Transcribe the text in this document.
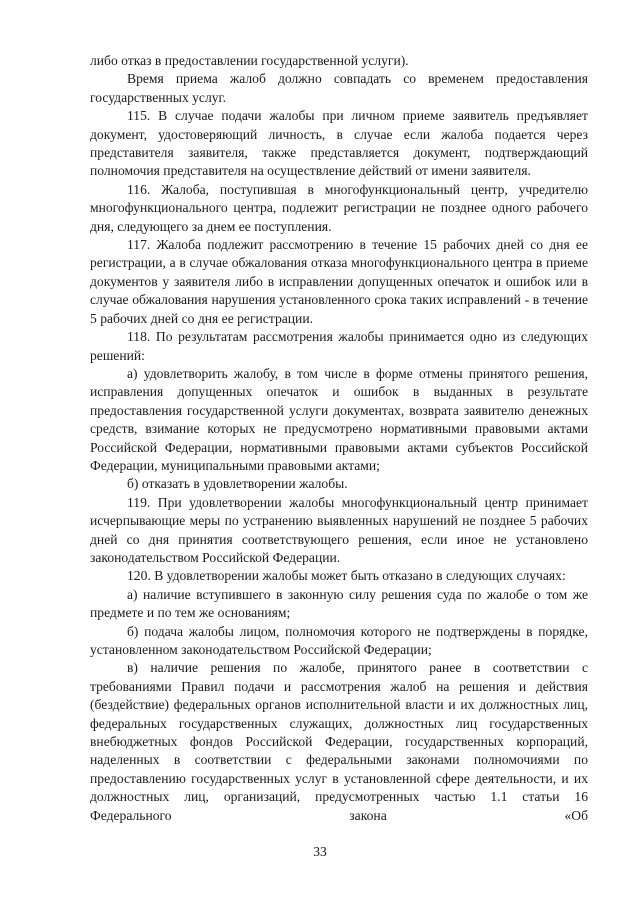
либо отказ в предоставлении государственной услуги).

Время приема жалоб должно совпадать со временем предоставления государственных услуг.

115. В случае подачи жалобы при личном приеме заявитель предъявляет документ, удостоверяющий личность, в случае если жалоба подается через представителя заявителя, также представляется документ, подтверждающий полномочия представителя на осуществление действий от имени заявителя.

116. Жалоба, поступившая в многофункциональный центр, учредителю многофункционального центра, подлежит регистрации не позднее одного рабочего дня, следующего за днем ее поступления.

117. Жалоба подлежит рассмотрению в течение 15 рабочих дней со дня ее регистрации, а в случае обжалования отказа многофункционального центра в приеме документов у заявителя либо в исправлении допущенных опечаток и ошибок или в случае обжалования нарушения установленного срока таких исправлений - в течение 5 рабочих дней со дня ее регистрации.

118. По результатам рассмотрения жалобы принимается одно из следующих решений:

а) удовлетворить жалобу, в том числе в форме отмены принятого решения, исправления допущенных опечаток и ошибок в выданных в результате предоставления государственной услуги документах, возврата заявителю денежных средств, взимание которых не предусмотрено нормативными правовыми актами Российской Федерации, нормативными правовыми актами субъектов Российской Федерации, муниципальными правовыми актами;

б) отказать в удовлетворении жалобы.

119. При удовлетворении жалобы многофункциональный центр принимает исчерпывающие меры по устранению выявленных нарушений не позднее 5 рабочих дней со дня принятия соответствующего решения, если иное не установлено законодательством Российской Федерации.

120. В удовлетворении жалобы может быть отказано в следующих случаях:

а) наличие вступившего в законную силу решения суда по жалобе о том же предмете и по тем же основаниям;

б) подача жалобы лицом, полномочия которого не подтверждены в порядке, установленном законодательством Российской Федерации;

в) наличие решения по жалобе, принятого ранее в соответствии с требованиями Правил подачи и рассмотрения жалоб на решения и действия (бездействие) федеральных органов исполнительной власти и их должностных лиц, федеральных государственных служащих, должностных лиц государственных внебюджетных фондов Российской Федерации, государственных корпораций, наделенных в соответствии с федеральными законами полномочиями по предоставлению государственных услуг в установленной сфере деятельности, и их должностных лиц, организаций, предусмотренных частью 1.1 статьи 16 Федерального закона «Об

33
